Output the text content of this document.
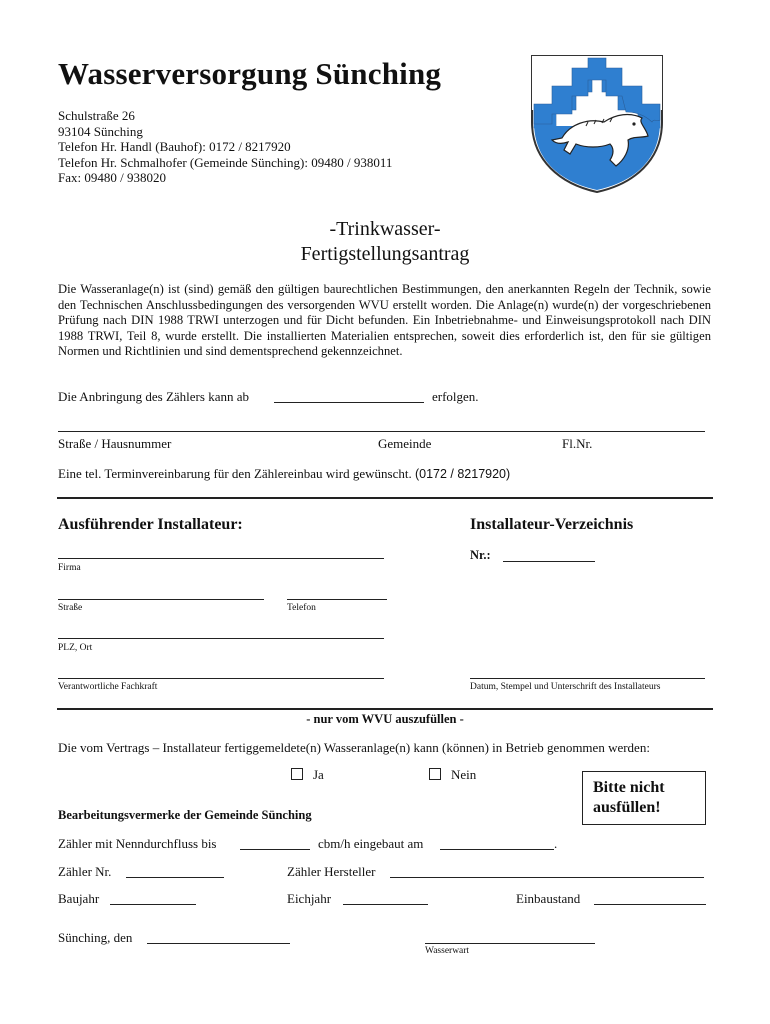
Wasserversorgung Sünching
Schulstraße 26
93104 Sünching
Telefon Hr. Handl (Bauhof): 0172 / 8217920
Telefon Hr. Schmalhofer (Gemeinde Sünching): 09480 / 938011
Fax: 09480 / 938020
-Trinkwasser-
Fertigstellungsantrag
Die Wasseranlage(n) ist (sind) gemäß den gültigen baurechtlichen Bestimmungen, den anerkannten Regeln der Technik, sowie den Technischen Anschlussbedingungen des versorgenden WVU erstellt worden. Die Anlage(n) wurde(n) der vorgeschriebenen Prüfung nach DIN 1988 TRWI unterzogen und für Dicht befunden. Ein Inbetriebnahme- und Einweisungsprotokoll nach DIN 1988 TRWI, Teil 8, wurde erstellt. Die installierten Materialien entsprechen, soweit dies erforderlich ist, den für sie gültigen Normen und Richtlinien und sind dementsprechend gekennzeichnet.
Die Anbringung des Zählers kann ab	erfolgen.
Straße / Hausnummer	Gemeinde	Fl.Nr.
Eine tel. Terminvereinbarung für den Zählereinbau wird gewünscht. (0172 / 8217920)
Ausführender Installateur:	Installateur-Verzeichnis
Nr.:
Firma
Straße	Telefon
PLZ, Ort
Verantwortliche Fachkraft	Datum, Stempel und Unterschrift des Installateurs
- nur vom WVU auszufüllen -
Die vom Vertrags – Installateur fertiggemeldete(n) Wasseranlage(n) kann (können) in Betrieb genommen werden:
Ja	Nein
Bitte nicht
ausfüllen!
Bearbeitungsvermerke der Gemeinde Sünching
Zähler mit Nenndurchfluss bis	cbm/h eingebaut am	.
Zähler Nr.	Zähler Hersteller
Baujahr	Eichjahr	Einbaustand
Sünching, den
Wasserwart
